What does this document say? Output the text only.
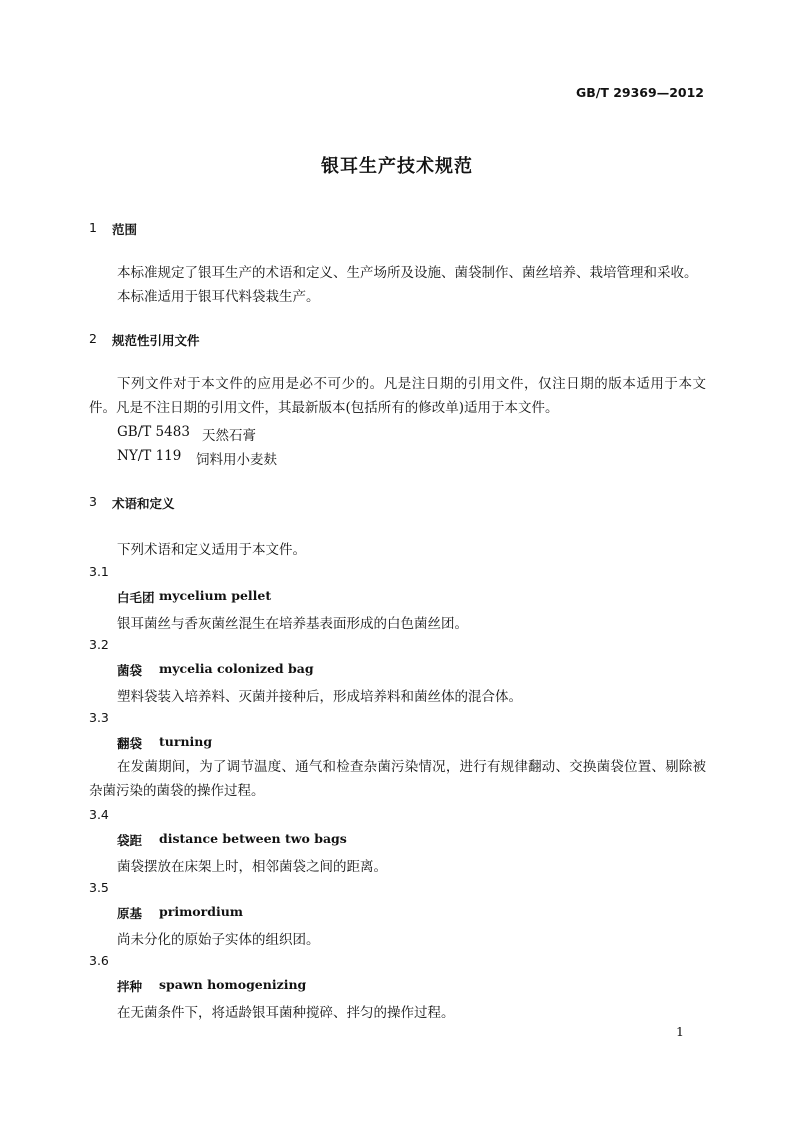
GB/T 29369—2012
银耳生产技术规范
1 范围
本标准规定了银耳生产的术语和定义、生产场所及设施、菌袋制作、菌丝培养、栽培管理和采收。
本标准适用于银耳代料袋栽生产。
2 规范性引用文件
下列文件对于本文件的应用是必不可少的。凡是注日期的引用文件，仅注日期的版本适用于本文件。凡是不注日期的引用文件，其最新版本(包括所有的修改单)适用于本文件。
GB/T 5483 天然石膏
NY/T 119 饲料用小麦麸
3 术语和定义
下列术语和定义适用于本文件。
3.1
白毛团 mycelium pellet
银耳菌丝与香灰菌丝混生在培养基表面形成的白色菌丝团。
3.2
菌袋 mycelia colonized bag
塑料袋装入培养料、灭菌并接种后，形成培养料和菌丝体的混合体。
3.3
翻袋 turning
在发菌期间，为了调节温度、通气和检查杂菌污染情况，进行有规律翻动、交换菌袋位置、剔除被杂菌污染的菌袋的操作过程。
3.4
袋距 distance between two bags
菌袋摆放在床架上时，相邻菌袋之间的距离。
3.5
原基 primordium
尚未分化的原始子实体的组织团。
3.6
拌种 spawn homogenizing
在无菌条件下，将适龄银耳菌种搅碎、拌匀的操作过程。
1
